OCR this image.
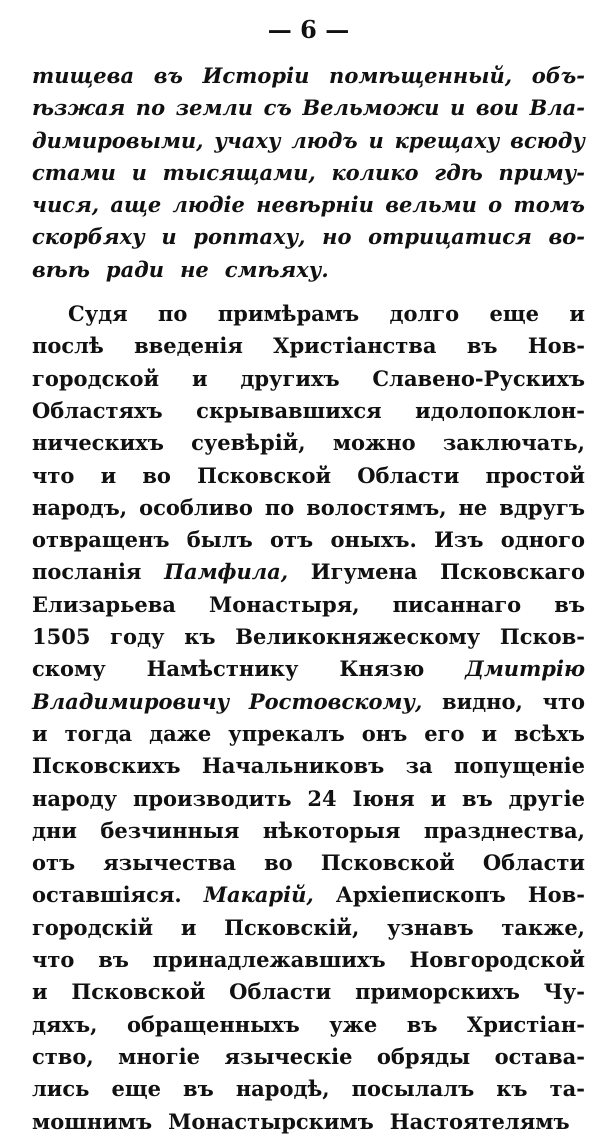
— 6 —
тищева въ Исторіи помѣщенный, объ-
ѣзжая по земли съ Вельможи и вои Вла-
димировыми, учаху людъ и крещаху всюду
стами и тысящами, колико гдѣ приму-
чися, аще людіе невѣрніи вельми о томъ
скорбяху и роптаху, но отрицатися во-
вѣѣ ради не смѣяху.
Судя по примѣрамъ долго еще и
послѣ введенія Христіанства въ Нов-
городской и другихъ Славено-Рускихъ
Областяхъ скрывавшихся идолопоклон-
ническихъ суевѣрій, можно заключать,
что и во Псковской Области простой
народъ, особливо по волостямъ, не вдругъ
отвращенъ былъ отъ оныхъ. Изъ одного
посланія Памфила, Игумена Псковскаго
Елизарьева Монастыря, писаннаго въ
1505 году къ Великокняжескому Псков-
скому Намѣстнику Князю Дмитрію
Владимировичу Ростовскому, видно, что
и тогда даже упрекалъ онъ его и всѣхъ
Псковскихъ Начальниковъ за попущеніе
народу производить 24 Іюня и въ другіе
дни безчинныя нѣкоторыя празднества,
отъ язычества во Псковской Области
оставшіяся. Макарій, Архіепископъ Нов-
городскій и Псковскій, узнавъ также,
что въ принадлежавшихъ Новгородской
и Псковской Области приморскихъ Чу-
дяхъ, обращенныхъ уже въ Христіан-
ство, многіе языческіе обряды остава-
лись еще въ народѣ, посылалъ къ та-
мошнимъ Монастырскимъ Настоятелямъ
